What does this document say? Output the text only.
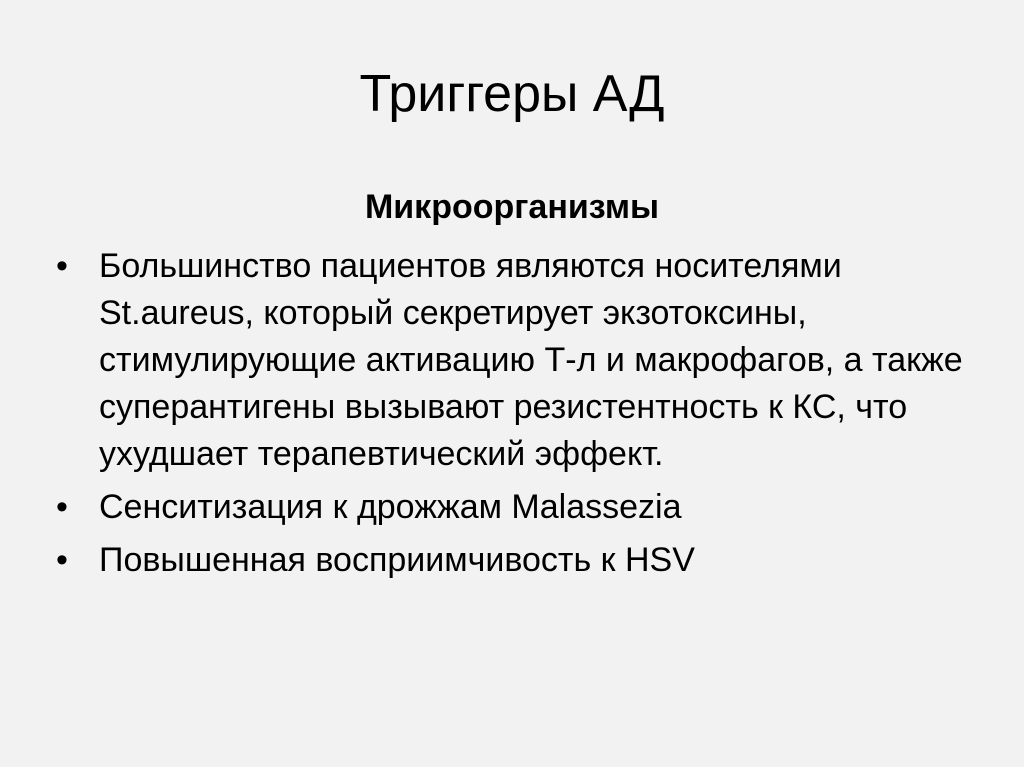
Триггеры АД
Микроорганизмы
• Большинство пациентов являются носителями St.aureus, который секретирует экзотоксины, стимулирующие активацию Т-л и макрофагов, а также суперантигены вызывают резистентность к КС, что ухудшает терапевтический эффект.
• Сенситизация к дрожжам Malassezia
• Повышенная восприимчивость к HSV
